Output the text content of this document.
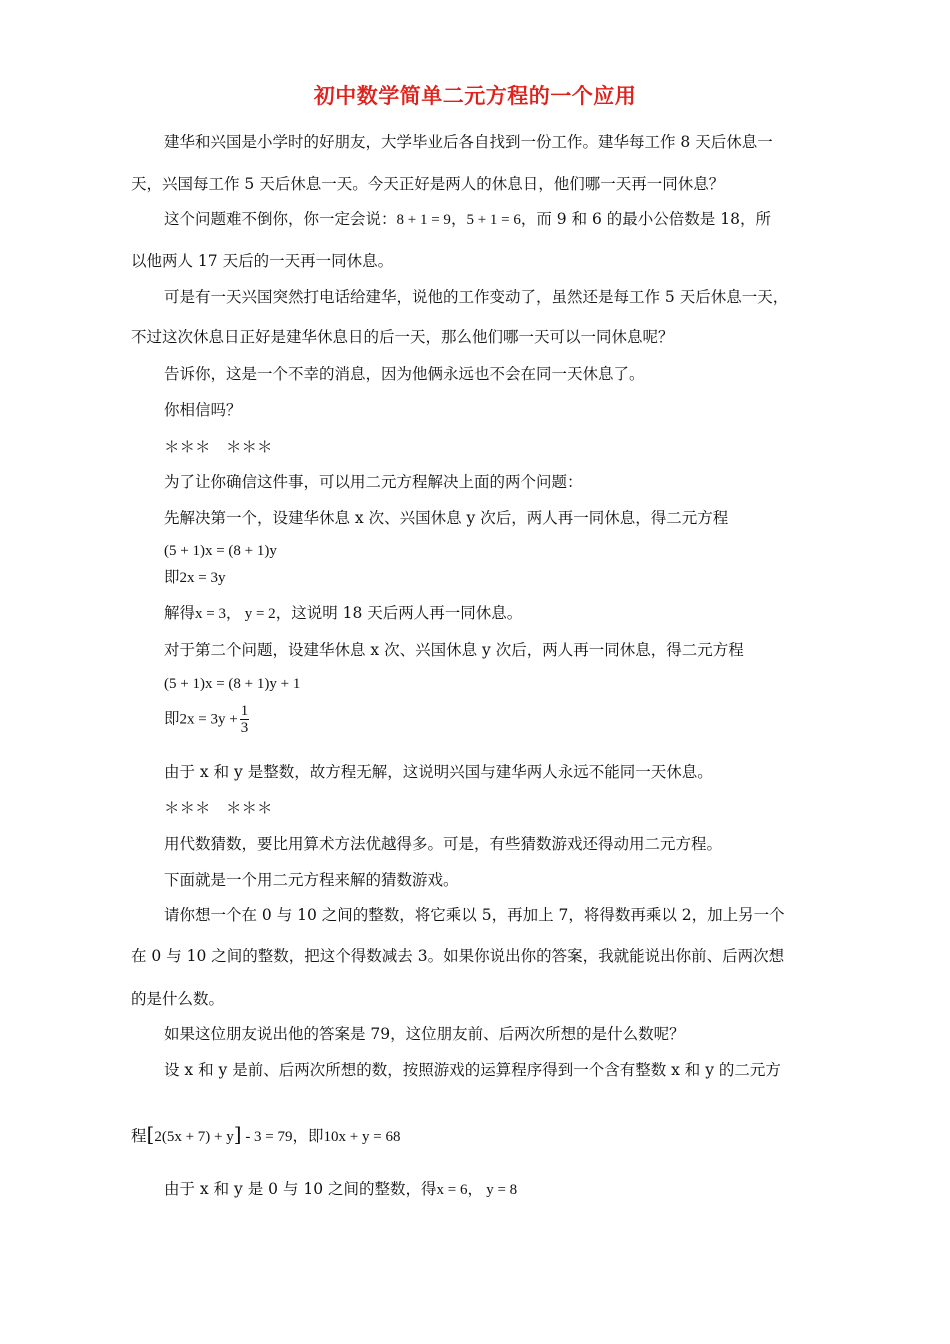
初中数学简单二元方程的一个应用
建华和兴国是小学时的好朋友，大学毕业后各自找到一份工作。建华每工作 8 天后休息一
天，兴国每工作 5 天后休息一天。今天正好是两人的休息日，他们哪一天再一同休息？
这个问题难不倒你，你一定会说：8 + 1 = 9，5 + 1 = 6，而 9 和 6 的最小公倍数是 18，所
以他两人 17 天后的一天再一同休息。
可是有一天兴国突然打电话给建华，说他的工作变动了，虽然还是每工作 5 天后休息一天，
不过这次休息日正好是建华休息日的后一天，那么他们哪一天可以一同休息呢？
告诉你，这是一个不幸的消息，因为他俩永远也不会在同一天休息了。
你相信吗？
＊＊＊　＊＊＊
为了让你确信这件事，可以用二元方程解决上面的两个问题：
先解决第一个，设建华休息 x 次、兴国休息 y 次后，两人再一同休息，得二元方程
(5 + 1)x = (8 + 1)y
即2x = 3y
解得x = 3， y = 2，这说明 18 天后两人再一同休息。
对于第二个问题，设建华休息 x 次、兴国休息 y 次后，两人再一同休息，得二元方程
(5 + 1)x = (8 + 1)y + 1
即$2x = 3y + \frac{1}{3}$
由于 x 和 y 是整数，故方程无解，这说明兴国与建华两人永远不能同一天休息。
＊＊＊　＊＊＊
用代数猜数，要比用算术方法优越得多。可是，有些猜数游戏还得动用二元方程。
下面就是一个用二元方程来解的猜数游戏。
请你想一个在 0 与 10 之间的整数，将它乘以 5，再加上 7，将得数再乘以 2，加上另一个
在 0 与 10 之间的整数，把这个得数减去 3。如果你说出你的答案，我就能说出你前、后两次想
的是什么数。
如果这位朋友说出他的答案是 79，这位朋友前、后两次所想的是什么数呢？
设 x 和 y 是前、后两次所想的数，按照游戏的运算程序得到一个含有整数 x 和 y 的二元方
程[2(5x + 7) + y] - 3 = 79，即10x + y = 68
由于 x 和 y 是 0 与 10 之间的整数，得x = 6， y = 8
